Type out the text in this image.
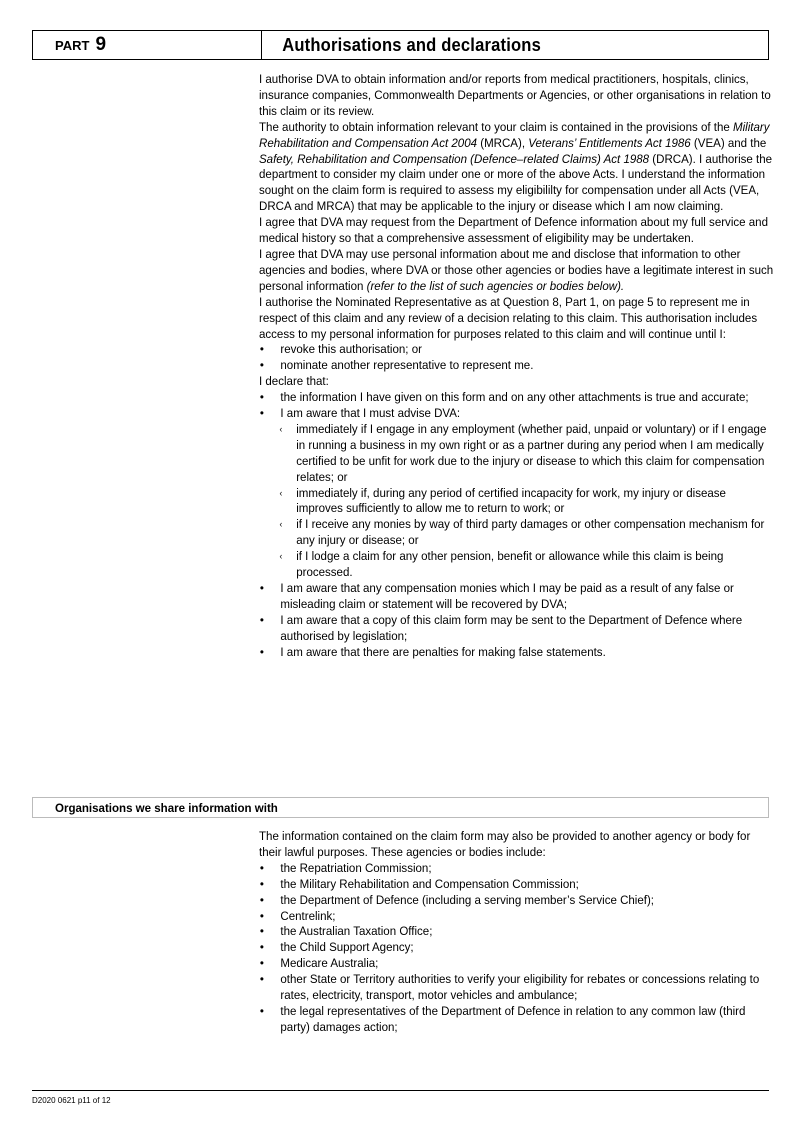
PART 9	Authorisations and declarations

I authorise DVA to obtain information and/or reports from medical practitioners, hospitals, clinics, insurance companies, Commonwealth Departments or Agencies, or other organisations in relation to this claim or its review.

The authority to obtain information relevant to your claim is contained in the provisions of the Military Rehabilitation and Compensation Act 2004 (MRCA), Veterans’ Entitlements Act 1986 (VEA) and the Safety, Rehabilitation and Compensation (Defence–related Claims) Act 1988 (DRCA). I authorise the department to consider my claim under one or more of the above Acts. I understand the information sought on the claim form is required to assess my eligibililty for compensation under all Acts (VEA, DRCA and MRCA) that may be applicable to the injury or disease which I am now claiming.

I agree that DVA may request from the Department of Defence information about my full service and medical history so that a comprehensive assessment of eligibility may be undertaken.

I agree that DVA may use personal information about me and disclose that information to other agencies and bodies, where DVA or those other agencies or bodies have a legitimate interest in such personal information (refer to the list of such agencies or bodies below).

I authorise the Nominated Representative as at Question 8, Part 1, on page 5 to represent me in respect of this claim and any review of a decision relating to this claim. This authorisation includes access to my personal information for purposes related to this claim and will continue until I:

• revoke this authorisation; or
• nominate another representative to represent me.

I declare that:

• the information I have given on this form and on any other attachments is true and accurate;
• I am aware that I must advise DVA:
‹ immediately if I engage in any employment (whether paid, unpaid or voluntary) or if I engage in running a business in my own right or as a partner during any period when I am medically certified to be unfit for work due to the injury or disease to which this claim for compensation relates; or
‹ immediately if, during any period of certified incapacity for work, my injury or disease improves sufficiently to allow me to return to work; or
‹ if I receive any monies by way of third party damages or other compensation mechanism for any injury or disease; or
‹ if I lodge a claim for any other pension, benefit or allowance while this claim is being processed.
• I am aware that any compensation monies which I may be paid as a result of any false or misleading claim or statement will be recovered by DVA;
• I am aware that a copy of this claim form may be sent to the Department of Defence where authorised by legislation;
• I am aware that there are penalties for making false statements.
Organisations we share information with

The information contained on the claim form may also be provided to another agency or body for their lawful purposes. These agencies or bodies include:

• the Repatriation Commission;
• the Military Rehabilitation and Compensation Commission;
• the Department of Defence (including a serving member’s Service Chief);
• Centrelink;
• the Australian Taxation Office;
• the Child Support Agency;
• Medicare Australia;
• other State or Territory authorities to verify your eligibility for rebates or concessions relating to rates, electricity, transport, motor vehicles and ambulance;
• the legal representatives of the Department of Defence in relation to any common law (third party) damages action;
D2020 0621 p11 of 12
